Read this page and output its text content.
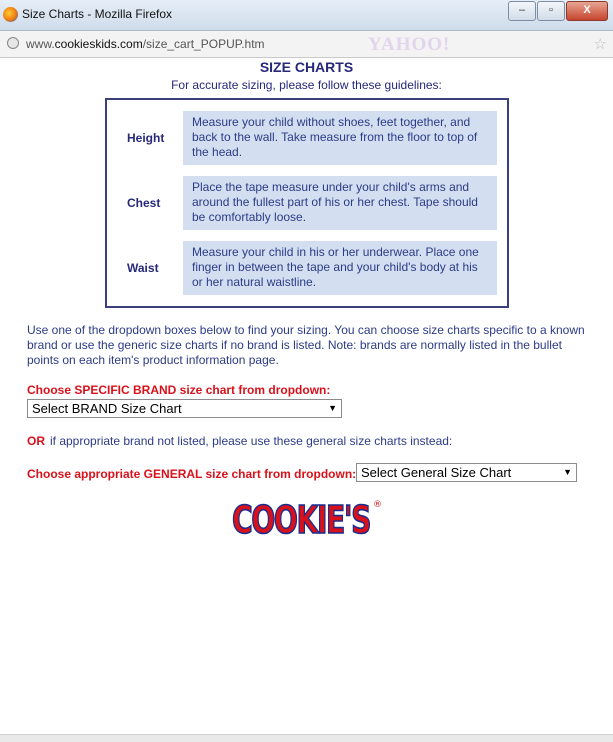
Size Charts - Mozilla Firefox	–	▫	X
www.cookieskids.com/size_cart_POPUP.htm	YAHOO!	☆
SIZE CHARTS
For accurate sizing, please follow these guidelines:
Height
Measure your child without shoes, feet together, and back to the wall. Take measure from the floor to top of the head.
Chest
Place the tape measure under your child's arms and around the fullest part of his or her chest. Tape should be comfortably loose.
Waist
Measure your child in his or her underwear. Place one finger in between the tape and your child's body at his or her natural waistline.
Use one of the dropdown boxes below to find your sizing. You can choose size charts specific to a known brand or use the generic size charts if no brand is listed. Note: brands are normally listed in the bullet points on each item's product information page.
Choose SPECIFIC BRAND size chart from dropdown:
Select BRAND Size Chart	▼
OR if appropriate brand not listed, please use these general size charts instead:
Choose appropriate GENERAL size chart from dropdown: Select General Size Chart	▼
COOKIE'S ®
